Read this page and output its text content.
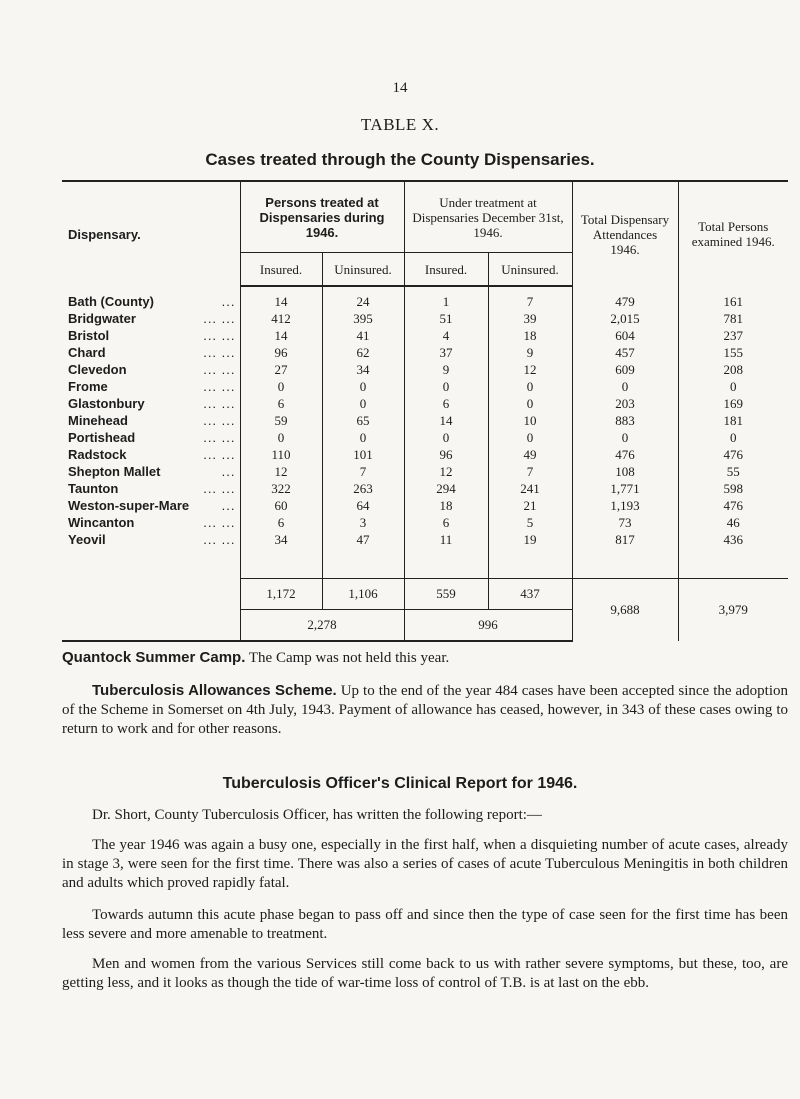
14
TABLE X.
Cases treated through the County Dispensaries.
Dispensary.	Persons treated at Dispensaries during 1946.		Under treatment at Dispensaries December 31st, 1946.		Total Dispensary Attendances 1946.	Total Persons examined 1946.
	Insured.	Uninsured.	Insured.	Uninsured.		

...
Bath (County)	14	24	1	7	479	161

... ...
Bridgwater	412	395	51	39	2,015	781

... ...
Bristol	14	41	4	18	604	237

... ...
Chard	96	62	37	9	457	155

... ...
Clevedon	27	34	9	12	609	208

... ...
Frome	0	0	0	0	0	0

... ...
Glastonbury	6	0	6	0	203	169

... ...
Minehead	59	65	14	10	883	181

... ...
Portishead	0	0	0	0	0	0

... ...
Radstock	110	101	96	49	476	476

...
Shepton Mallet	12	7	12	7	108	55

... ...
Taunton	322	263	294	241	1,771	598

...
Weston-super-Mare	60	64	18	21	1,193	476

... ...
Wincanton	6	3	6	5	73	46

... ...
Yeovil	34	47	11	19	817	436

	1,172	1,106	559	437	9,688	3,979
	2,278		996			
Quantock Summer Camp. The Camp was not held this year.
Tuberculosis Allowances Scheme. Up to the end of the year 484 cases have been accepted since the adoption of the Scheme in Somerset on 4th July, 1943. Payment of allowance has ceased, however, in 343 of these cases owing to return to work and for other reasons.
Tuberculosis Officer's Clinical Report for 1946.
Dr. Short, County Tuberculosis Officer, has written the following report:—
The year 1946 was again a busy one, especially in the first half, when a disquieting number of acute cases, already in stage 3, were seen for the first time. There was also a series of cases of acute Tuberculous Meningitis in both children and adults which proved rapidly fatal.
Towards autumn this acute phase began to pass off and since then the type of case seen for the first time has been less severe and more amenable to treatment.
Men and women from the various Services still come back to us with rather severe symptoms, but these, too, are getting less, and it looks as though the tide of war-time loss of control of T.B. is at last on the ebb.
